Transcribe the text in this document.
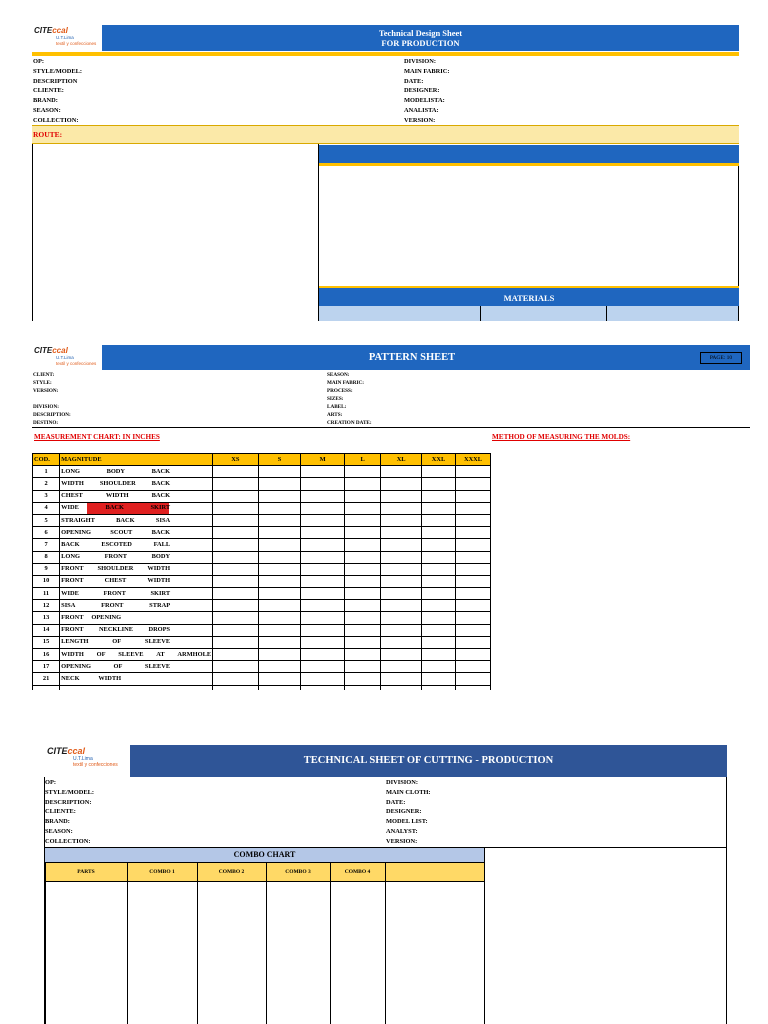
CITEccal
U.T.Lima
textil y confecciones
Technical Design Sheet
FOR PRODUCTION
OP:
STYLE/MODEL:
DESCRIPTION
CLIENTE:
BRAND:
SEASON:
COLLECTION:
DIVISION:
MAIN FABRIC:
DATE:
DESIGNER:
MODELISTA:
ANALISTA:
VERSION:
ROUTE:
MATERIALS
CITEccal
U.T.Lima
textil y confecciones	PATTERN SHEET	PAGE: 10
CLIENT:
STYLE:
VERSION:
DIVISION:
DESCRIPTION:
DESTINO:
SEASON:
MAIN FABRIC:
PROCESS:
SIZES:
LABEL:
ARTS:
CREATION DATE:
MEASUREMENT CHART: IN INCHES	METHOD OF MEASURING THE MOLDS:
COD.	MAGNITUDE	XS	S	M	L	XL	XXL	XXXL
1	LONG BODY BACK							

2	WIDTH SHOULDER BACK							

3	CHEST WIDTH BACK							

4	WIDE BACK SKIRT							

5	STRAIGHT BACK SISA							

6	OPENING SCOUT BACK							

7	BACK ESCOTED FALL							

8	LONG FRONT BODY							

9	FRONT SHOULDER WIDTH							

10	FRONT CHEST WIDTH							

11	WIDE FRONT SKIRT							

12	SISA FRONT STRAP							

13	FRONT OPENING							

14	FRONT NECKLINE DROPS							

15	LENGTH OF SLEEVE							

16	WIDTH OF SLEEVE AT ARMHOLE							

17	OPENING OF SLEEVE							

21	NECK WIDTH							

CITEccal
U.T.Lima
textil y confecciones	TECHNICAL SHEET OF CUTTING - PRODUCTION
OP:
STYLE/MODEL:
DESCRIPTION:
CLIENTE:
BRAND:
SEASON:
COLLECTION:
DIVISION:
MAIN CLOTH:
DATE:
DESIGNER:
MODEL LIST:
ANALYST:
VERSION:
COMBO CHART
PARTS	COMBO 1	COMBO 2	COMBO 3	COMBO 4
